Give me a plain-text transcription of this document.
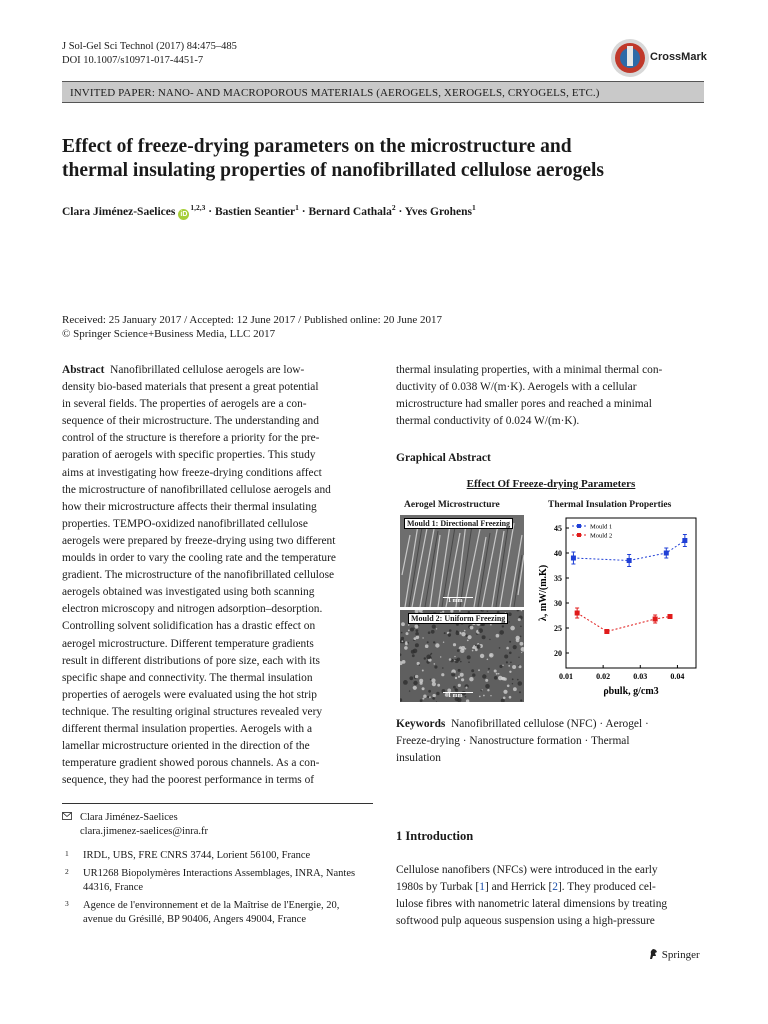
J Sol-Gel Sci Technol (2017) 84:475–485
DOI 10.1007/s10971-017-4451-7	CrossMark
INVITED PAPER: NANO- AND MACROPOROUS MATERIALS (AEROGELS, XEROGELS, CRYOGELS, ETC.)
Effect of freeze-drying parameters on the microstructure and
thermal insulating properties of nanofibrillated cellulose aerogels
Clara Jiménez-Saelices iD$^{1,2,3}$ · Bastien Seantier$^1$ · Bernard Cathala$^2$ · Yves Grohens$^1$
Received: 25 January 2017 / Accepted: 12 June 2017 / Published online: 20 June 2017
© Springer Science+Business Media, LLC 2017

Abstract Nanofibrillated cellulose aerogels are low-

density bio-based materials that present a great potential
in several fields. The properties of aerogels are a con-
sequence of their microstructure. The understanding and
control of the structure is therefore a priority for the pre-
paration of aerogels with specific properties. This study
aims at investigating how freeze-drying conditions affect
the microstructure of nanofibrillated cellulose aerogels and
how their microstructure affects their thermal insulating
properties. TEMPO-oxidized nanofibrillated cellulose
aerogels were prepared by freeze-drying using two different
moulds in order to vary the cooling rate and the temperature
gradient. The microstructure of the nanofibrillated cellulose
aerogels obtained was investigated using both scanning
electron microscopy and nitrogen adsorption–desorption.
Controlling solvent solidification has a drastic effect on
aerogel microstructure. Different temperature gradients
result in different distributions of pore size, each with its
specific shape and connectivity. The thermal insulation
properties of aerogels were evaluated using the hot strip
technique. The resulting original structures revealed very
different thermal insulation properties. Aerogels with a
lamellar microstructure oriented in the direction of the
temperature gradient showed porous channels. As a con-
sequence, they had the poorest performance in terms of
thermal insulating properties, with a minimal thermal con-
ductivity of 0.038 W/(m·K). Aerogels with a cellular
microstructure had smaller pores and reached a minimal
thermal conductivity of 0.024 W/(m·K).
Graphical Abstract
Effect Of Freeze-drying Parameters
Aerogel Microstructure	Thermal Insulation Properties
Mould 1: Directional Freezing
1 mm
Mould 2: Uniform Freezing
1 mm
20
25
30
35
40
45
0.01	0.02	0.03	0.04
ρbulk, g/cm3
λ, mW/(m.K)
Mould 1
Mould 2
Keywords Nanofibrillated cellulose (NFC) · Aerogel ·
Freeze-drying · Nanostructure formation · Thermal
insulation
Clara Jiménez-Saelices
clara.jimenez-saelices@inra.fr
1	IRDL, UBS, FRE CNRS 3744, Lorient 56100, France
2	UR1268 Biopolymères Interactions Assemblages, INRA, Nantes
44316, France
3	Agence de l'environnement et de la Maîtrise de l'Energie, 20,
avenue du Grésillé, BP 90406, Angers 49004, France
1 Introduction
Cellulose nanofibers (NFCs) were introduced in the early
1980s by Turbak [1] and Herrick [2]. They produced cel-
lulose fibres with nanometric lateral dimensions by treating
softwood pulp aqueous suspension using a high-pressure
Springer
